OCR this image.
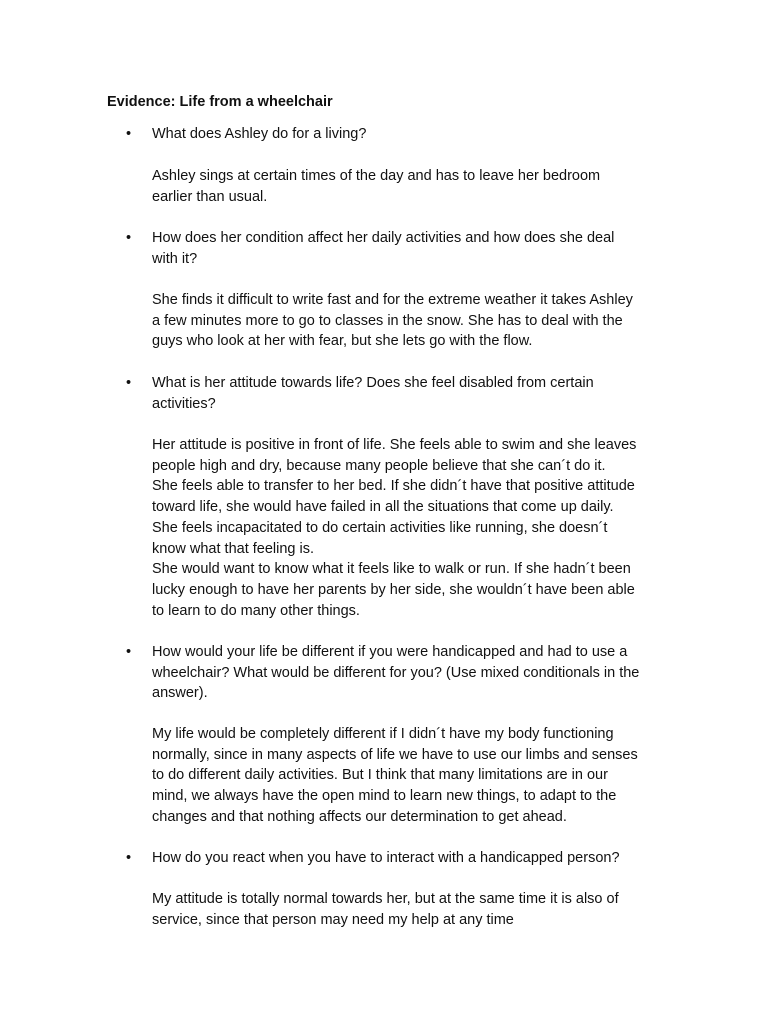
Evidence: Life from a wheelchair
• What does Ashley do for a living?

Ashley sings at certain times of the day and has to leave her bedroom
earlier than usual.

• How does her condition affect her daily activities and how does she deal
with it?

She finds it difficult to write fast and for the extreme weather it takes Ashley
a few minutes more to go to classes in the snow. She has to deal with the
guys who look at her with fear, but she lets go with the flow.

• What is her attitude towards life? Does she feel disabled from certain
activities?

Her attitude is positive in front of life. She feels able to swim and she leaves
people high and dry, because many people believe that she can´t do it.
She feels able to transfer to her bed. If she didn´t have that positive attitude
toward life, she would have failed in all the situations that come up daily.
She feels incapacitated to do certain activities like running, she doesn´t
know what that feeling is.
She would want to know what it feels like to walk or run. If she hadn´t been
lucky enough to have her parents by her side, she wouldn´t have been able
to learn to do many other things.

• How would your life be different if you were handicapped and had to use a
wheelchair? What would be different for you? (Use mixed conditionals in the
answer).

My life would be completely different if I didn´t have my body functioning
normally, since in many aspects of life we have to use our limbs and senses
to do different daily activities. But I think that many limitations are in our
mind, we always have the open mind to learn new things, to adapt to the
changes and that nothing affects our determination to get ahead.

• How do you react when you have to interact with a handicapped person?

My attitude is totally normal towards her, but at the same time it is also of
service, since that person may need my help at any time
